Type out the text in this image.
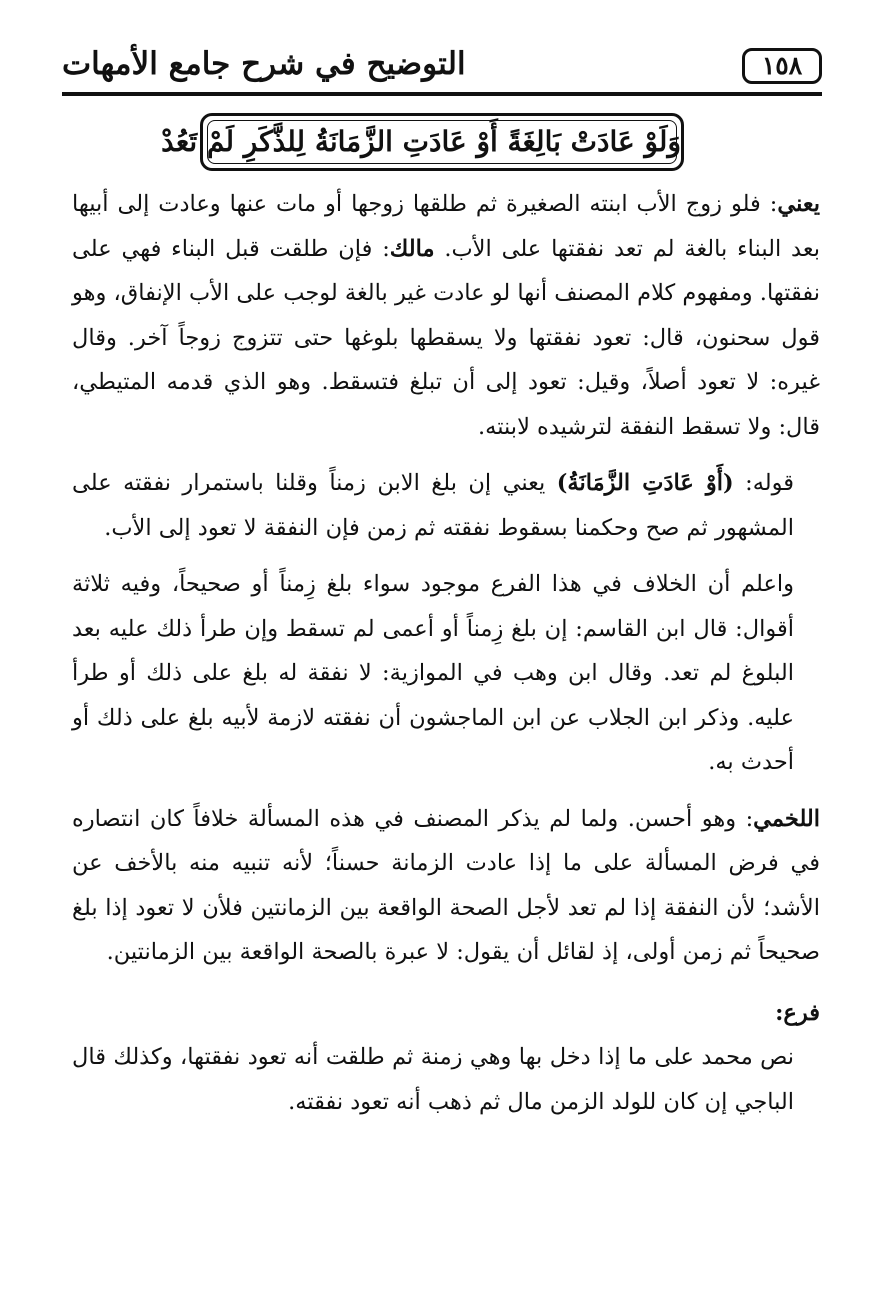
التوضيح في شرح جامع الأمهات	١٥٨
وَلَوْ عَادَتْ بَالِغَةً أَوْ عَادَتِ الزَّمَانَةُ لِلذَّكَرِ لَمْ تَعُدْ

يعني: فلو زوج الأب ابنته الصغيرة ثم طلقها زوجها أو مات عنها وعادت إلى أبيها بعد البناء بالغة لم تعد نفقتها على الأب. مالك: فإن طلقت قبل البناء فهي على نفقتها. ومفهوم كلام المصنف أنها لو عادت غير بالغة لوجب على الأب الإنفاق، وهو قول سحنون، قال: تعود نفقتها ولا يسقطها بلوغها حتى تتزوج زوجاً آخر. وقال غيره: لا تعود أصلاً، وقيل: تعود إلى أن تبلغ فتسقط. وهو الذي قدمه المتيطي، قال: ولا تسقط النفقة لترشيده لابنته.

قوله: (أَوْ عَادَتِ الزَّمَانَةُ) يعني إن بلغ الابن زمناً وقلنا باستمرار نفقته على المشهور ثم صح وحكمنا بسقوط نفقته ثم زمن فإن النفقة لا تعود إلى الأب.

واعلم أن الخلاف في هذا الفرع موجود سواء بلغ زِمناً أو صحيحاً، وفيه ثلاثة أقوال: قال ابن القاسم: إن بلغ زِمناً أو أعمى لم تسقط وإن طرأ ذلك عليه بعد البلوغ لم تعد. وقال ابن وهب في الموازية: لا نفقة له بلغ على ذلك أو طرأ عليه. وذكر ابن الجلاب عن ابن الماجشون أن نفقته لازمة لأبيه بلغ على ذلك أو أحدث به.

اللخمي: وهو أحسن. ولما لم يذكر المصنف في هذه المسألة خلافاً كان انتصاره في فرض المسألة على ما إذا عادت الزمانة حسناً؛ لأنه تنبيه منه بالأخف عن الأشد؛ لأن النفقة إذا لم تعد لأجل الصحة الواقعة بين الزمانتين فلأن لا تعود إذا بلغ صحيحاً ثم زمن أولى، إذ لقائل أن يقول: لا عبرة بالصحة الواقعة بين الزمانتين.

فرع:

نص محمد على ما إذا دخل بها وهي زمنة ثم طلقت أنه تعود نفقتها، وكذلك قال الباجي إن كان للولد الزمن مال ثم ذهب أنه تعود نفقته.
